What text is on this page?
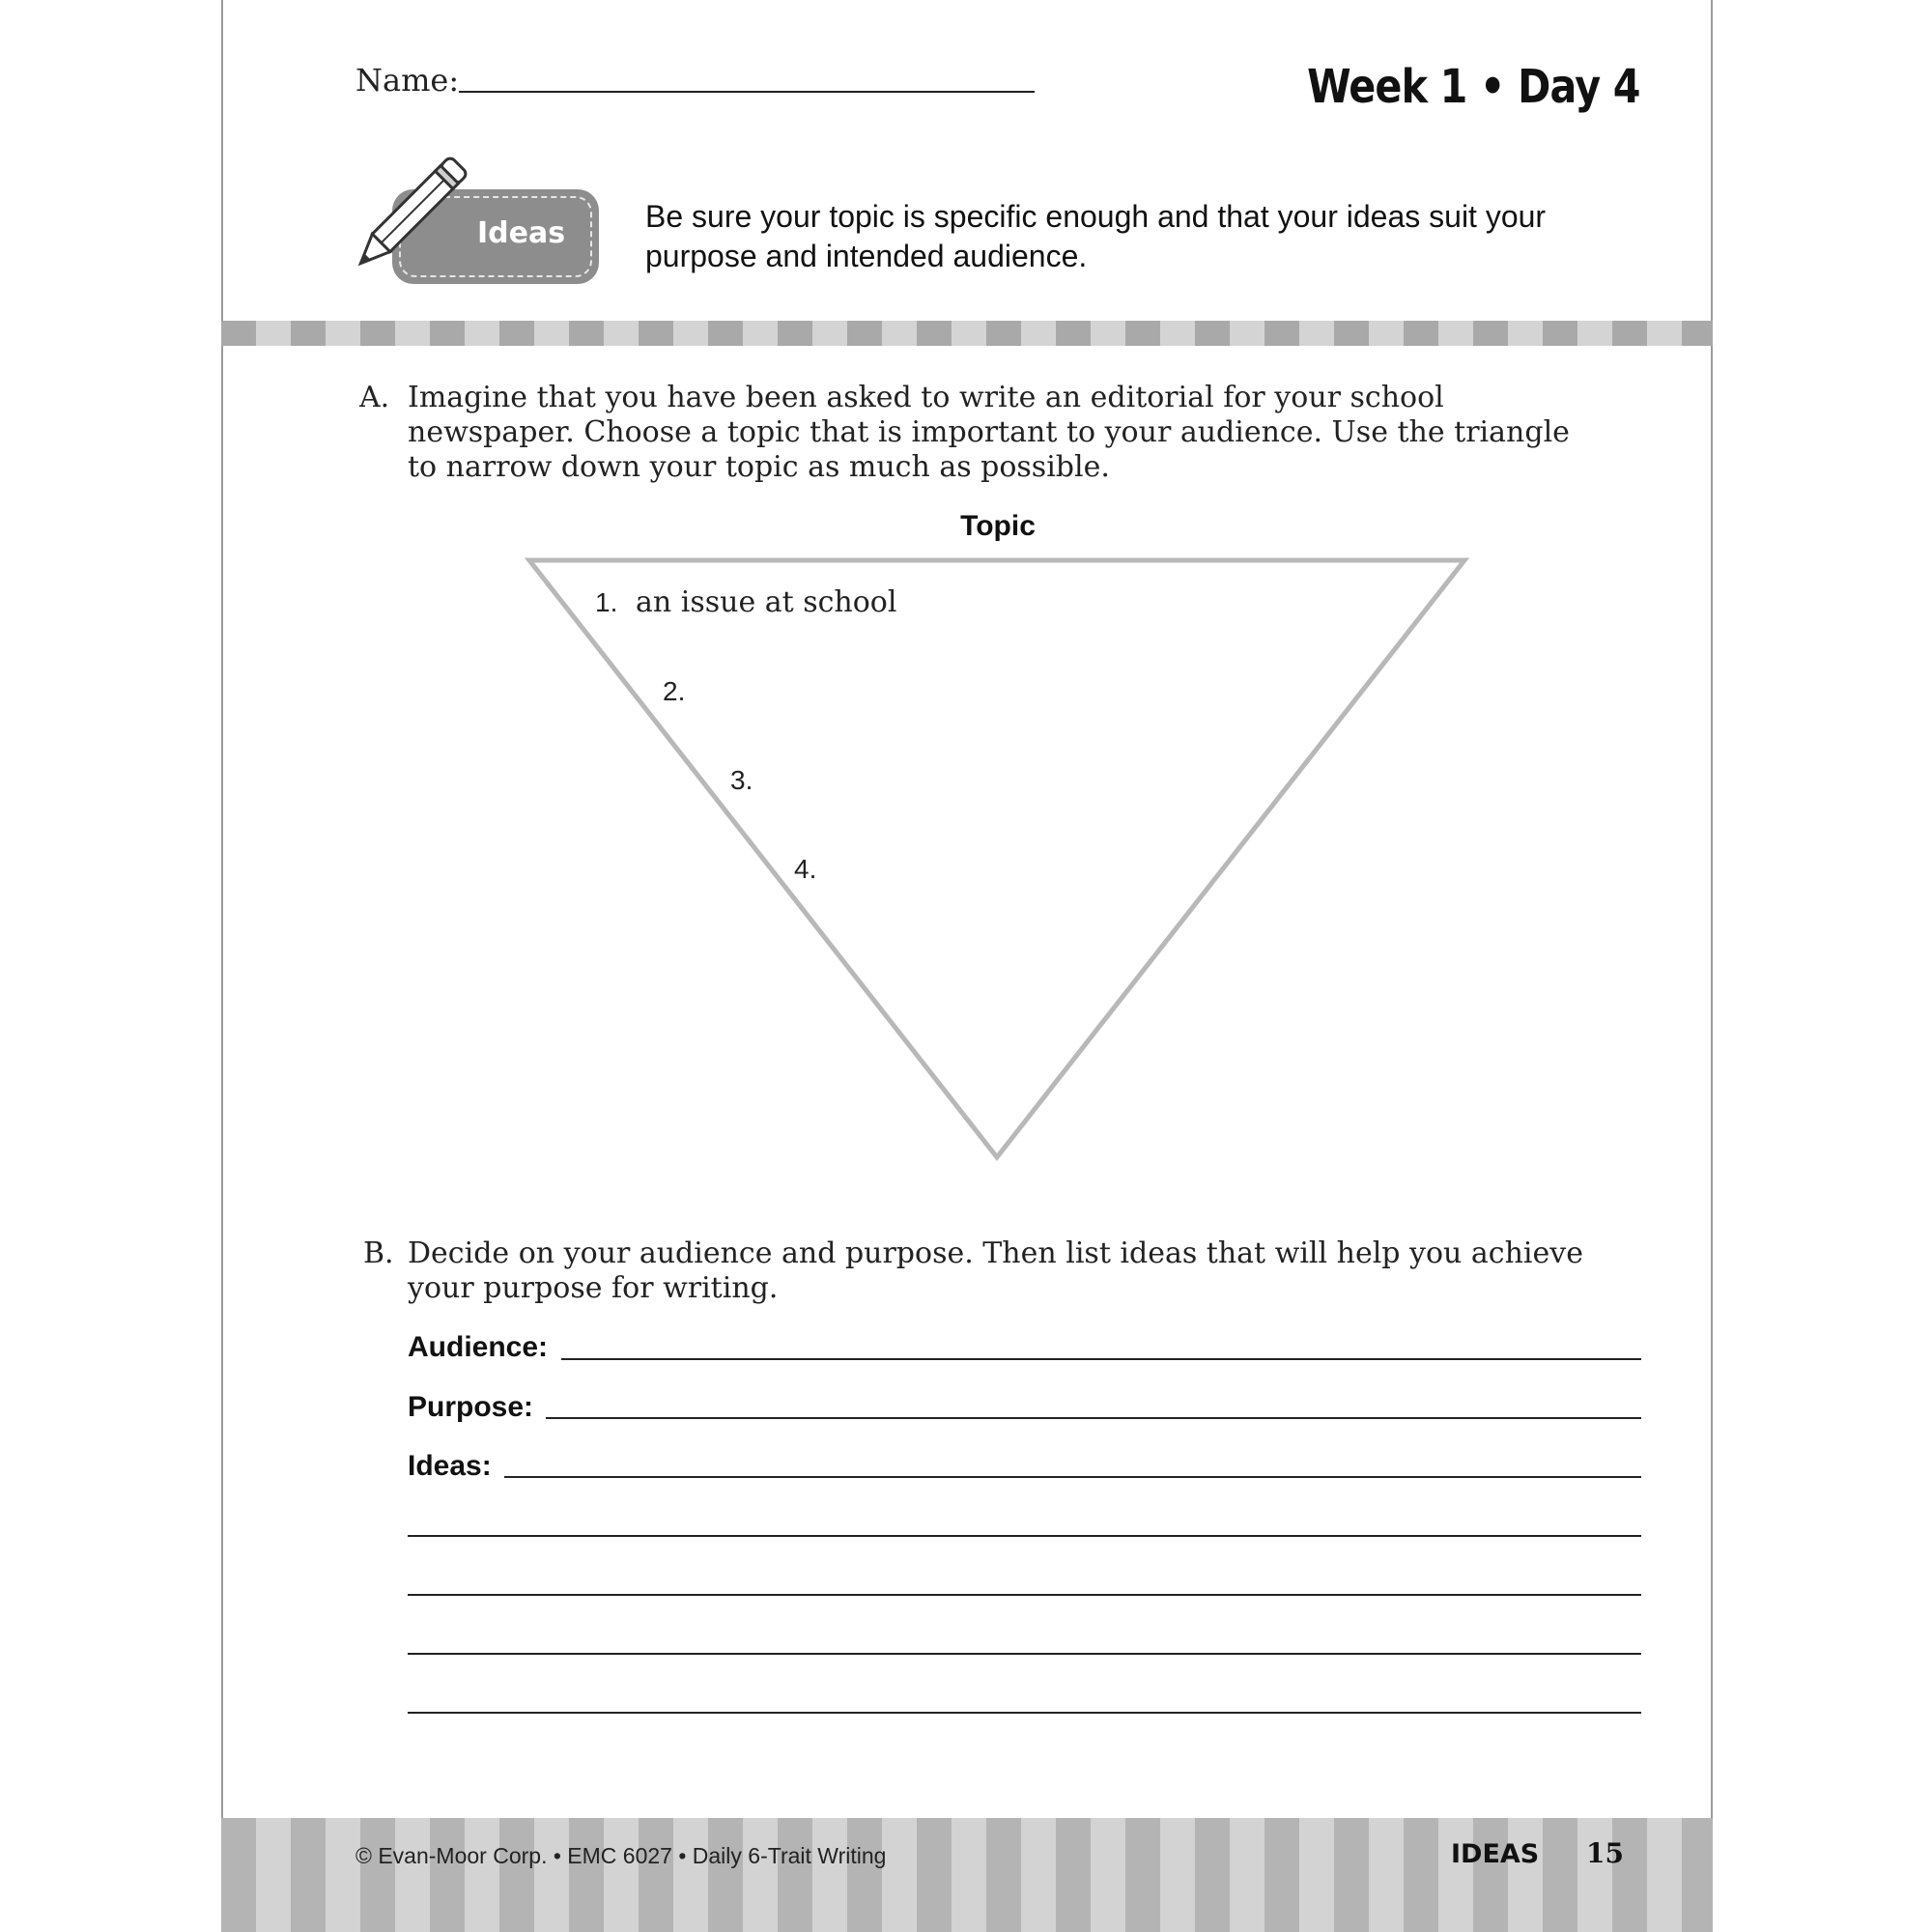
Name:	Week 1 • Day 4
Ideas	Be sure your topic is specific enough and that your ideas suit your purpose and intended audience.
A. Imagine that you have been asked to write an editorial for your school newspaper. Choose a topic that is important to your audience. Use the triangle to narrow down your topic as much as possible.
Topic
1. an issue at school
2.
3.
4.
B. Decide on your audience and purpose. Then list ideas that will help you achieve your purpose for writing.
Audience:
Purpose:
Ideas:
© Evan-Moor Corp. • EMC 6027 • Daily 6-Trait Writing	IDEAS 15
